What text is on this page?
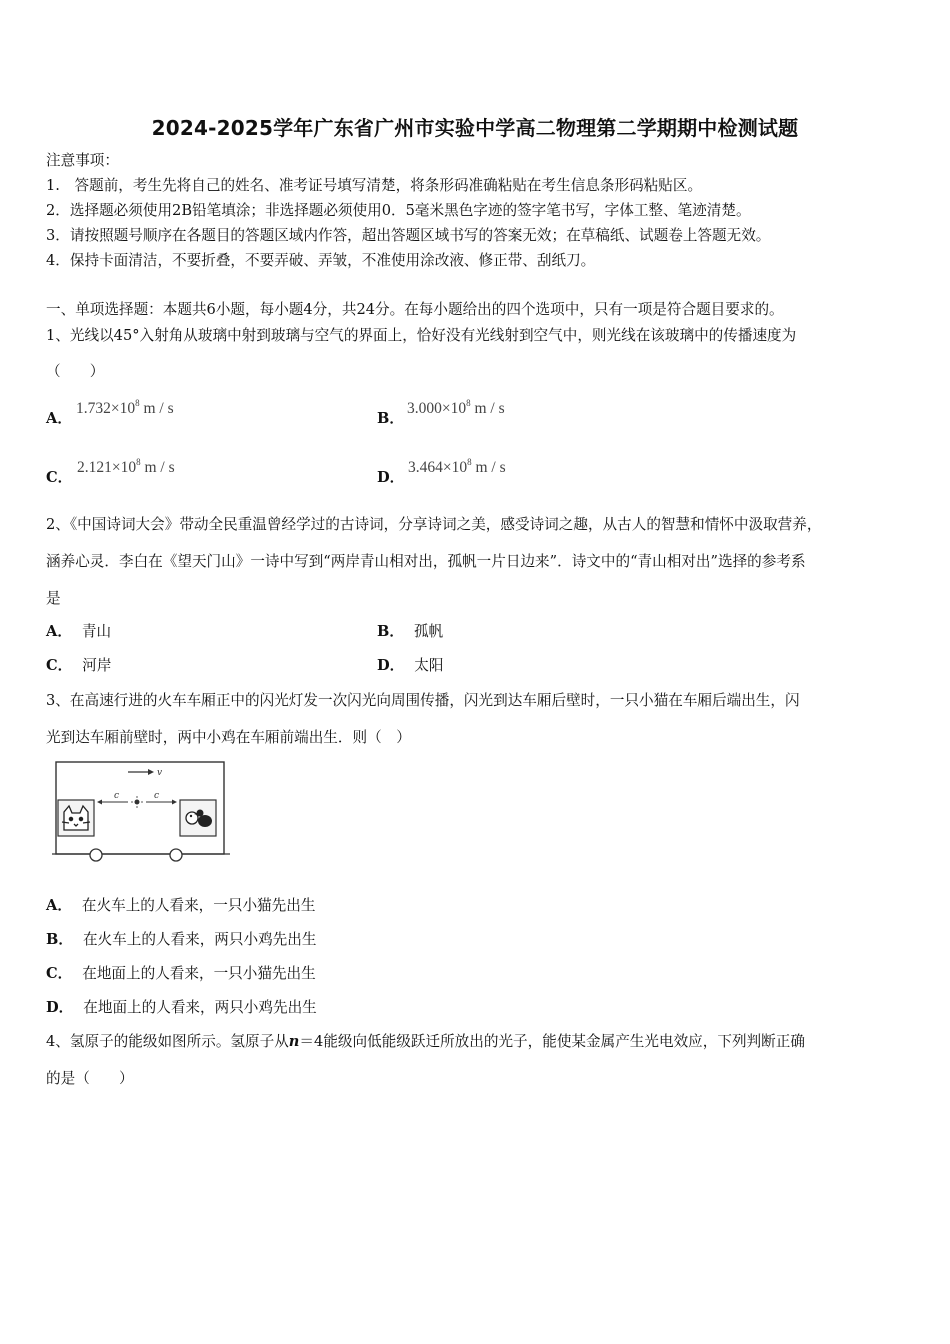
2024-2025学年广东省广州市实验中学高二物理第二学期期中检测试题
注意事项：
1.　答题前，考生先将自己的姓名、准考证号填写清楚，将条形码准确粘贴在考生信息条形码粘贴区。
2．选择题必须使用2B铅笔填涂；非选择题必须使用0．5毫米黑色字迹的签字笔书写，字体工整、笔迹清楚。
3．请按照题号顺序在各题目的答题区域内作答，超出答题区域书写的答案无效；在草稿纸、试题卷上答题无效。
4．保持卡面清洁，不要折叠，不要弄破、弄皱，不准使用涂改液、修正带、刮纸刀。
一、单项选择题：本题共6小题，每小题4分，共24分。在每小题给出的四个选项中，只有一项是符合题目要求的。
1、光线以45°入射角从玻璃中射到玻璃与空气的界面上，恰好没有光线射到空气中，则光线在该玻璃中的传播速度为
（　　）
A．
$1.732\times 10^8$ m / s
B．
$3.000\times 10^8$ m / s
C．
$2.121\times 10^8$ m / s
D．
$3.464\times 10^8$ m / s
2、《中国诗词大会》带动全民重温曾经学过的古诗词，分享诗词之美，感受诗词之趣，从古人的智慧和情怀中汲取营养，
涵养心灵．李白在《望天门山》一诗中写到“两岸青山相对出，孤帆一片日边来”．诗文中的“青山相对出”选择的参考系
是
A． 青山	B． 孤帆
C． 河岸	D． 太阳
3、在高速行进的火车车厢正中的闪光灯发一次闪光向周围传播，闪光到达车厢后壁时，一只小猫在车厢后端出生，闪
光到达车厢前壁时，两中小鸡在车厢前端出生．则（　）
v
c	c
A． 在火车上的人看来，一只小猫先出生
B． 在火车上的人看来，两只小鸡先出生
C． 在地面上的人看来，一只小猫先出生
D． 在地面上的人看来，两只小鸡先出生
4、氢原子的能级如图所示。氢原子从n＝4能级向低能级跃迁所放出的光子，能使某金属产生光电效应，下列判断正确
的是（　　）
